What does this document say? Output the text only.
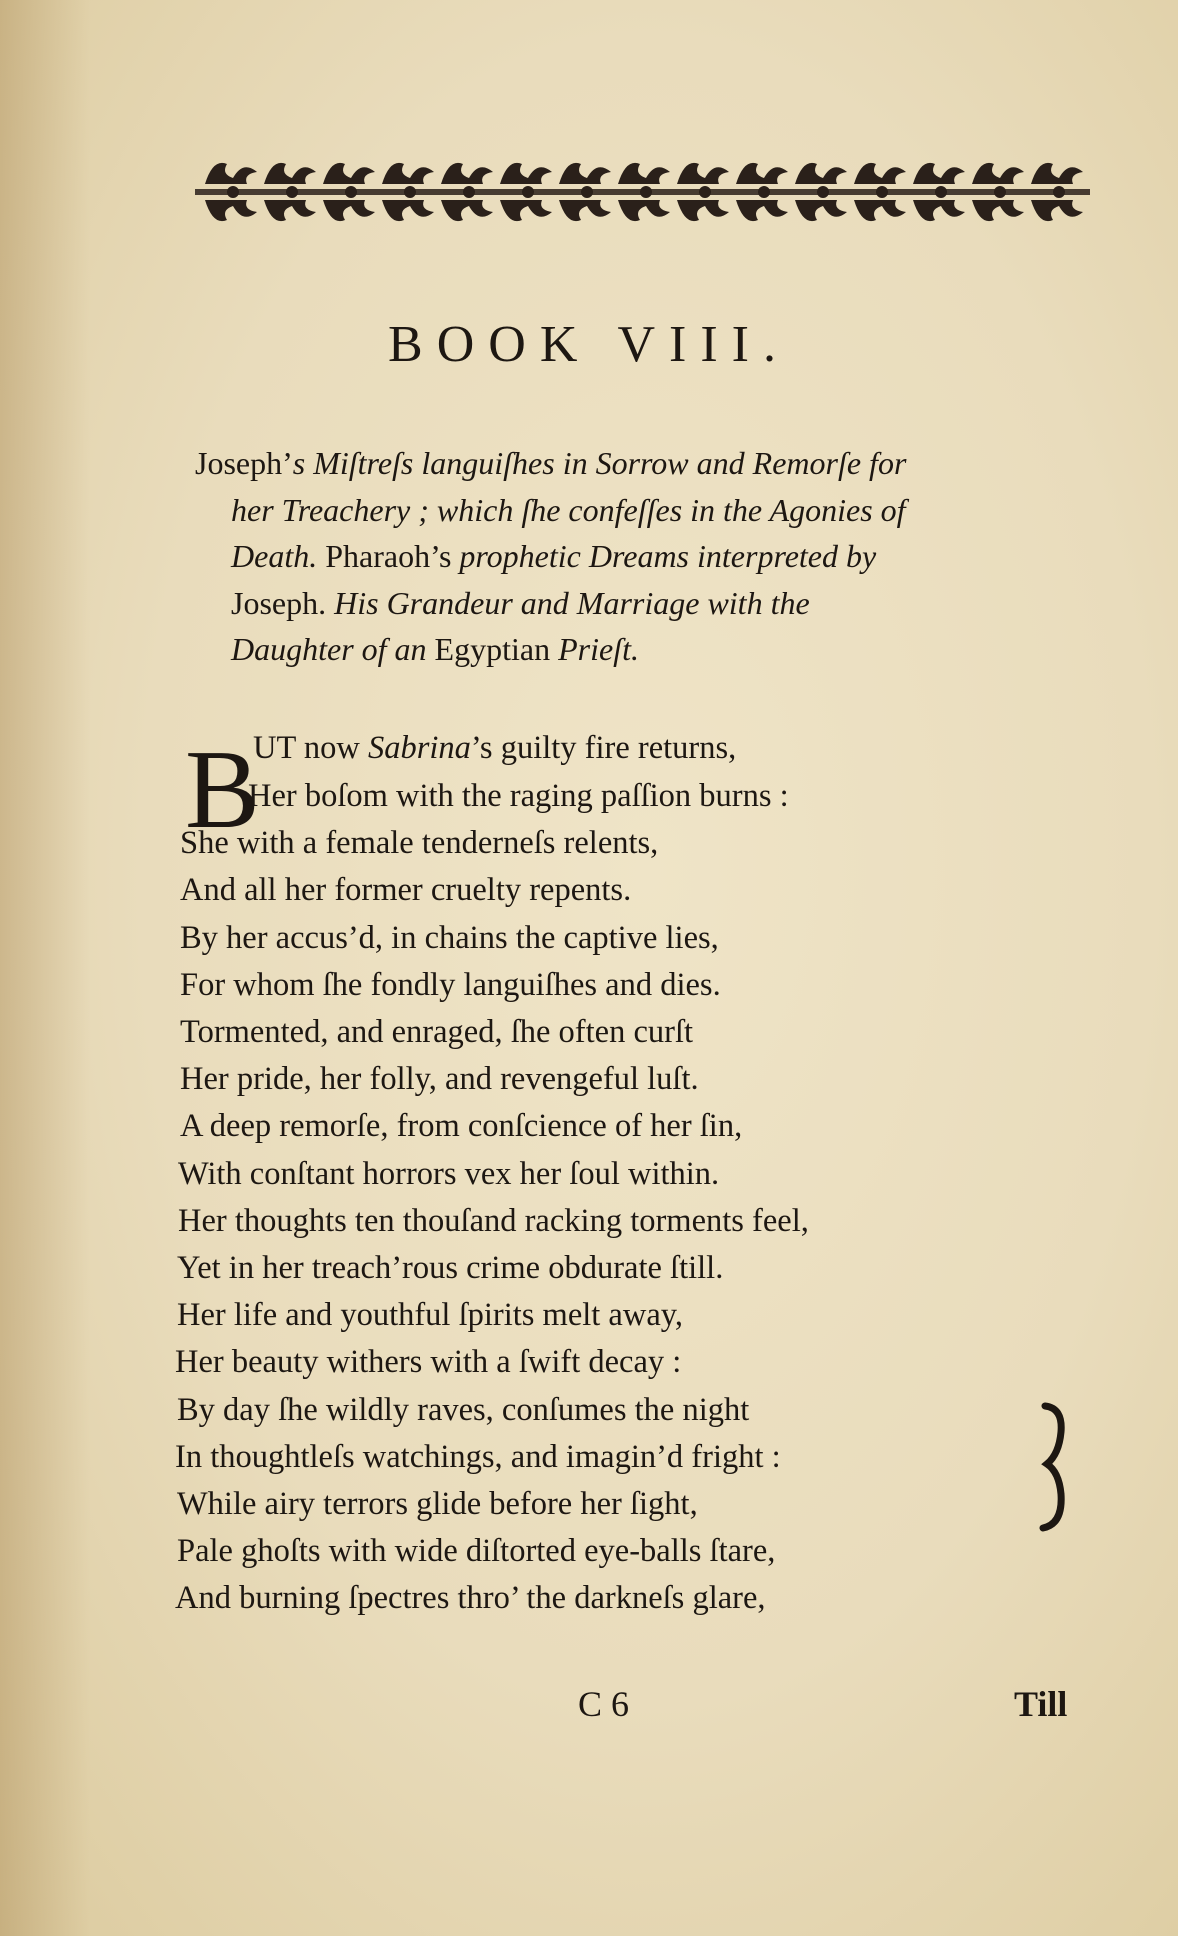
BOOK VIII.
Joseph’s Miſtreſs languiſhes in Sorrow and Remorſe for
her Treachery ; which ſhe confeſſes in the Agonies of
Death. Pharaoh’s prophetic Dreams interpreted by
Joseph. His Grandeur and Marriage with the
Daughter of an Egyptian Prieſt.
B
UT now Sabrina’s guilty fire returns,
Her boſom with the raging paſſion burns :
She with a female tenderneſs relents,
And all her former cruelty repents.
By her accus’d, in chains the captive lies,
For whom ſhe fondly languiſhes and dies.
Tormented, and enraged, ſhe often curſt
Her pride, her folly, and revengeful luſt.
A deep remorſe, from conſcience of her ſin,
With conſtant horrors vex her ſoul within.
Her thoughts ten thouſand racking torments feel,
Yet in her treach’rous crime obdurate ſtill.
Her life and youthful ſpirits melt away,
Her beauty withers with a ſwift decay :
By day ſhe wildly raves, conſumes the night
In thoughtleſs watchings, and imagin’d fright :
While airy terrors glide before her ſight,
Pale ghoſts with wide diſtorted eye-balls ſtare,
And burning ſpectres thro’ the darkneſs glare,
C 6	Till
